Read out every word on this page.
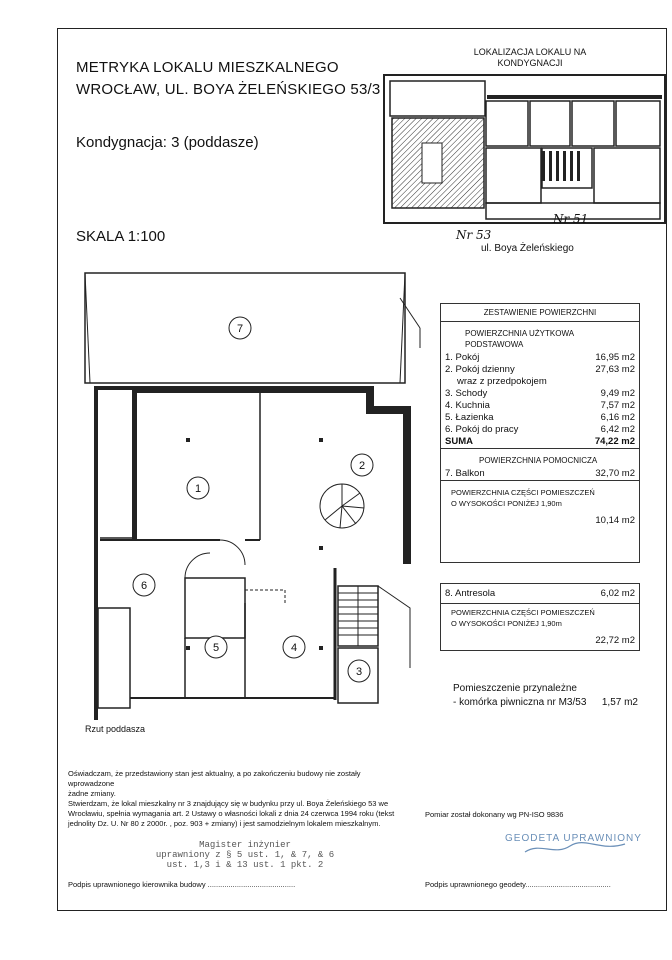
METRYKA LOKALU MIESZKALNEGO
WROCŁAW, UL. BOYA ŻELEŃSKIEGO 53/3
Kondygnacja: 3 (poddasze)
SKALA 1:100
LOKALIZACJA LOKALU NA
KONDYGNACJI
Nr 53
Nr 51
ul. Boya Żeleńskiego
7
1
2
6
5	4
3
Rzut poddasza
ZESTAWIENIE POWIERZCHNI
POWIERZCHNIA UŻYTKOWA
PODSTAWOWA
1. Pokój	16,95 m2
2. Pokój dzienny	27,63 m2
wraz z przedpokojem
3. Schody	9,49 m2
4. Kuchnia	7,57 m2
5. Łazienka	6,16 m2
6. Pokój do pracy	6,42 m2
SUMA	74,22 m2
POWIERZCHNIA POMOCNICZA
7. Balkon	32,70 m2
POWIERZCHNIA CZĘŚCI POMIESZCZEŃ
O WYSOKOŚCI PONIŻEJ 1,90m
10,14 m2
8. Antresola	6,02 m2
POWIERZCHNIA CZĘŚCI POMIESZCZEŃ
O WYSOKOŚCI PONIŻEJ 1,90m
22,72 m2
Pomieszczenie przynależne
- komórka piwniczna nr M3/53 1,57 m2
Oświadczam, że przedstawiony stan jest aktualny, a po zakończeniu budowy nie zostały wprowadzone
żadne zmiany.
Stwierdzam, że lokal mieszkalny nr 3 znajdujący się w budynku przy ul. Boya Żeleńskiego 53 we
Wrocławiu, spełnia wymagania art. 2 Ustawy o własności lokali z dnia 24 czerwca 1994 roku (tekst
jednolity Dz. U. Nr 80 z 2000r. , poz. 903 + zmiany) i jest samodzielnym lokalem mieszkalnym.
Pomiar został dokonany wg PN-ISO 9836
Magister inżynier
uprawniony z § 5 ust. 1, & 7, & 6
ust. 1,3 i & 13 ust. 1 pkt. 2
GEODETA UPRAWNIONY
Podpis uprawnionego kierownika budowy ..........................................	Podpis uprawnionego geodety.........................................
